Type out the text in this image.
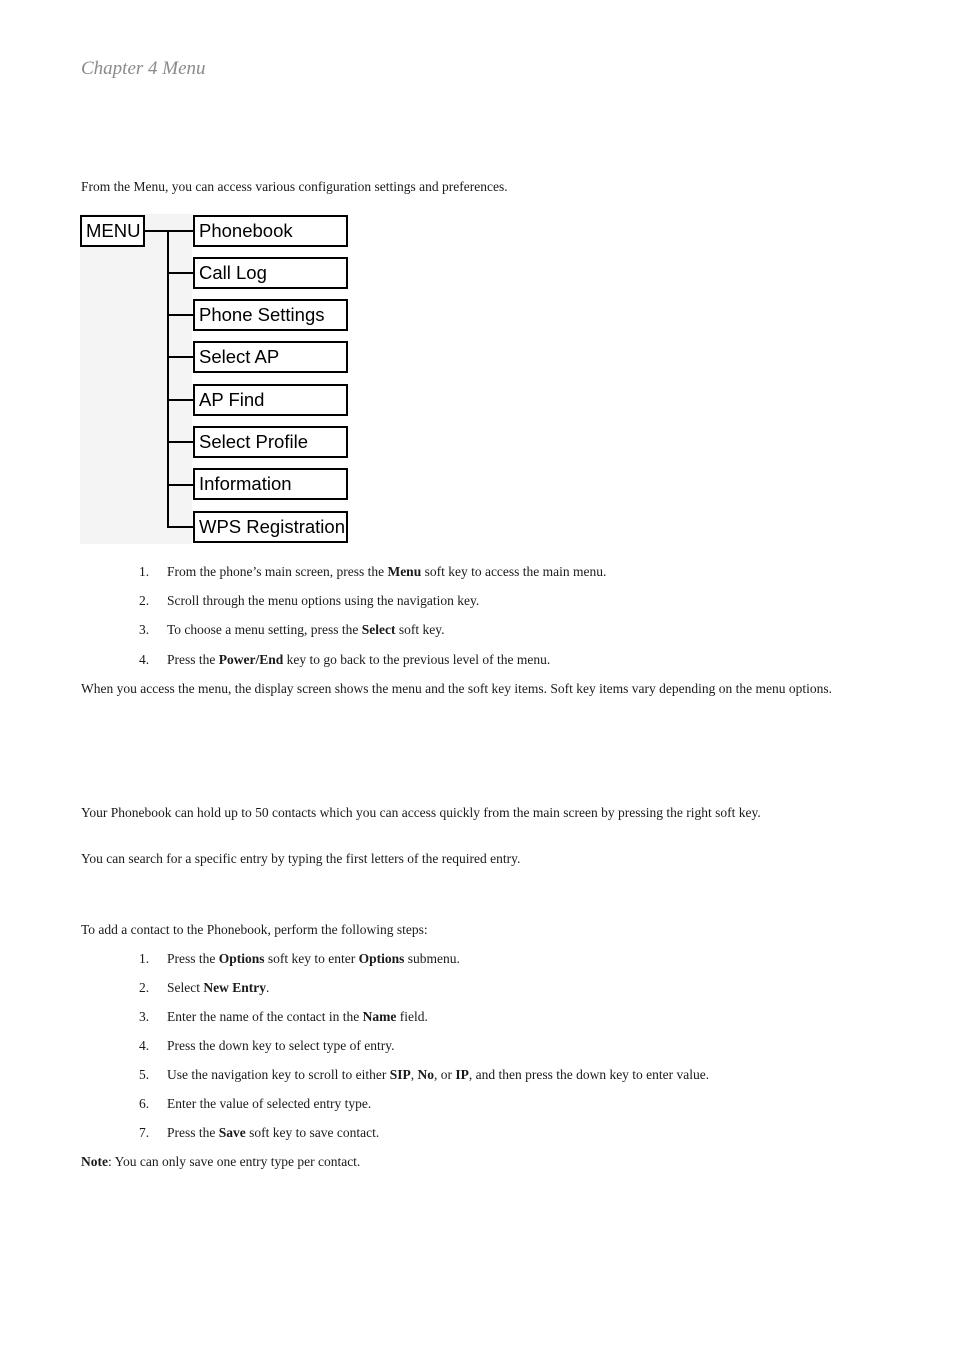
Chapter 4 Menu
From the Menu, you can access various configuration settings and preferences.
MENU	Phonebook
Call Log
Phone Settings
Select AP
AP Find
Select Profile
Information
WPS Registration
1. From the phone’s main screen, press the Menu soft key to access the main menu.
2. Scroll through the menu options using the navigation key.
3. To choose a menu setting, press the Select soft key.
4. Press the Power/End key to go back to the previous level of the menu.
When you access the menu, the display screen shows the menu and the soft key items. Soft key items vary depending on the menu options.
Your Phonebook can hold up to 50 contacts which you can access quickly from the main screen by pressing the right soft key.
You can search for a specific entry by typing the first letters of the required entry.
To add a contact to the Phonebook, perform the following steps:
1. Press the Options soft key to enter Options submenu.
2. Select New Entry.
3. Enter the name of the contact in the Name field.
4. Press the down key to select type of entry.
5. Use the navigation key to scroll to either SIP, No, or IP, and then press the down key to enter value.
6. Enter the value of selected entry type.
7. Press the Save soft key to save contact.
Note: You can only save one entry type per contact.
